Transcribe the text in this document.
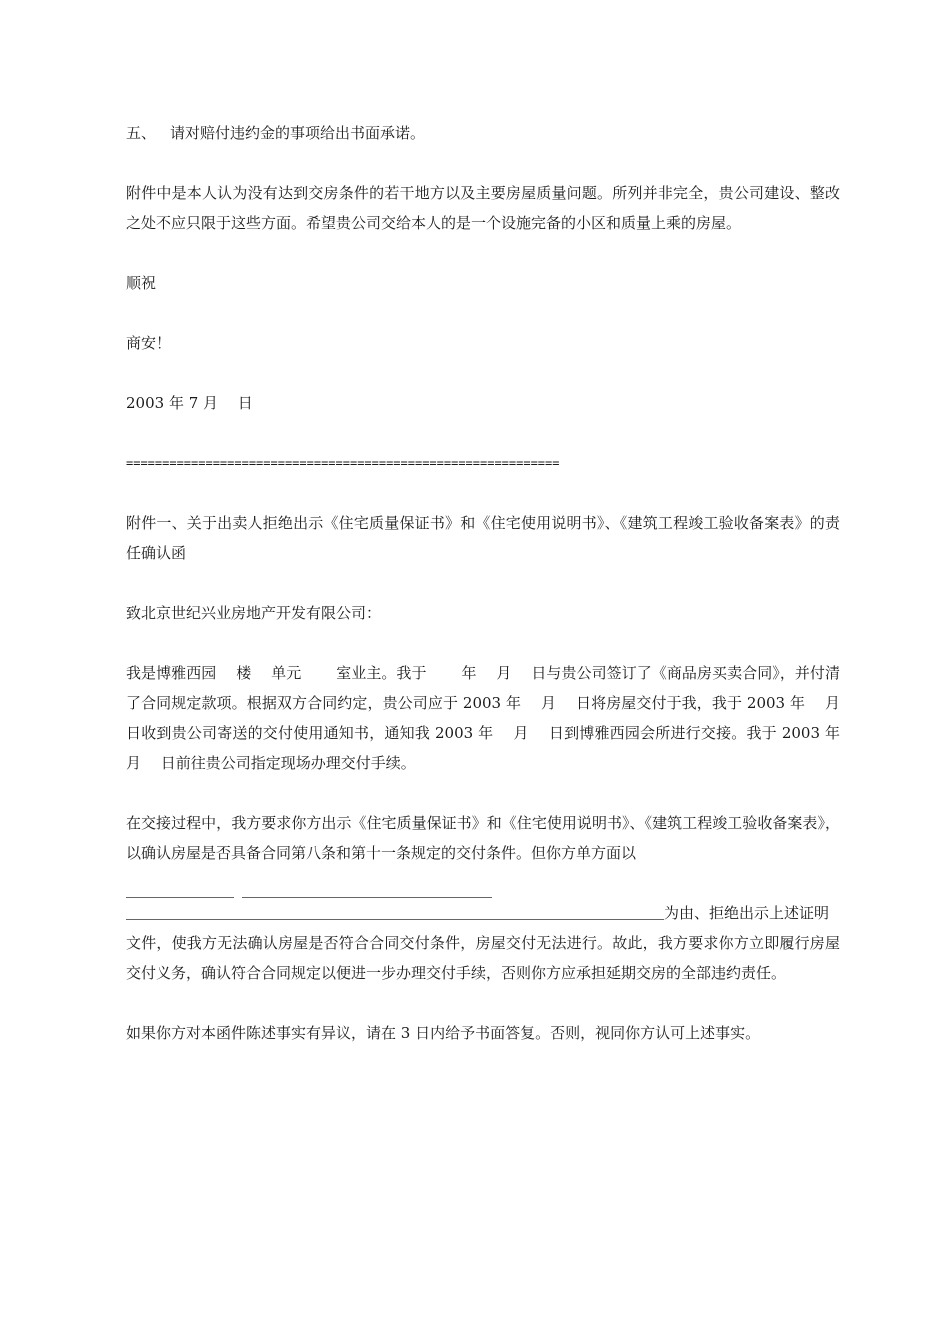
五、 请对赔付违约金的事项给出书面承诺。

附件中是本人认为没有达到交房条件的若干地方以及主要房屋质量问题。所列并非完全，贵公司建设、整改之处不应只限于这些方面。希望贵公司交给本人的是一个设施完备的小区和质量上乘的房屋。

顺祝

商安！

2003 年 7 月　 日

============================================================

附件一、关于出卖人拒绝出示《住宅质量保证书》和《住宅使用说明书》、《建筑工程竣工验收备案表》的责任确认函

致北京世纪兴业房地产开发有限公司：

我是博雅西园　 楼　 单元　　 室业主。我于　　 年　 月　 日与贵公司签订了《商品房买卖合同》，并付清了合同规定款项。根据双方合同约定，贵公司应于 2003 年　 月　 日将房屋交付于我，我于 2003 年　 月　 日收到贵公司寄送的交付使用通知书，通知我 2003 年　 月　 日到博雅西园会所进行交接。我于 2003 年　 月　 日前往贵公司指定现场办理交付手续。

在交接过程中，我方要求你方出示《住宅质量保证书》和《住宅使用说明书》、《建筑工程竣工验收备案表》，以确认房屋是否具备合同第八条和第十一条规定的交付条件。但你方单方面以

为由、拒绝出示上述证明

文件，使我方无法确认房屋是否符合合同交付条件，房屋交付无法进行。故此，我方要求你方立即履行房屋交付义务，确认符合合同规定以便进一步办理交付手续，否则你方应承担延期交房的全部违约责任。

如果你方对本函件陈述事实有异议，请在 3 日内给予书面答复。否则，视同你方认可上述事实。
